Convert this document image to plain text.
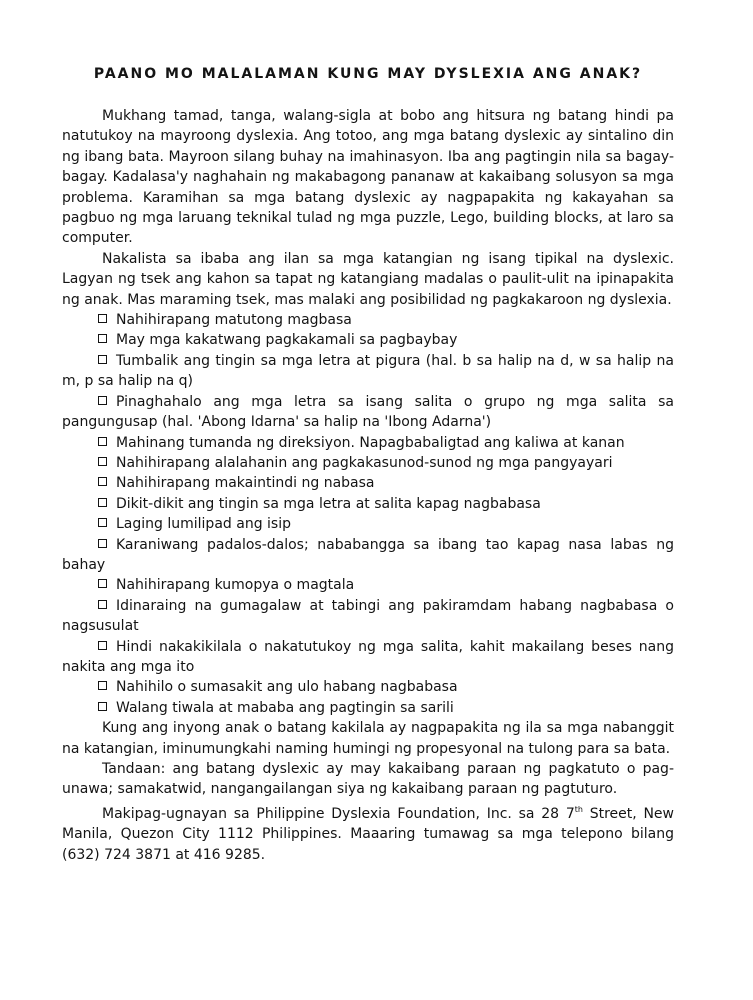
PAANO MO MALALAMAN KUNG MAY DYSLEXIA ANG ANAK?

Mukhang tamad, tanga, walang-sigla at bobo ang hitsura ng batang hindi pa natutukoy na mayroong dyslexia. Ang totoo, ang mga batang dyslexic ay sintalino din ng ibang bata. Mayroon silang buhay na imahinasyon. Iba ang pagtingin nila sa bagay-bagay. Kadalasa'y naghahain ng makabagong pananaw at kakaibang solusyon sa mga problema. Karamihan sa mga batang dyslexic ay nagpapakita ng kakayahan sa pagbuo ng mga laruang teknikal tulad ng mga puzzle, Lego, building blocks, at laro sa computer.

Nakalista sa ibaba ang ilan sa mga katangian ng isang tipikal na dyslexic. Lagyan ng tsek ang kahon sa tapat ng katangiang madalas o paulit-ulit na ipinapakita ng anak. Mas maraming tsek, mas malaki ang posibilidad ng pagkakaroon ng dyslexia.

Nahihirapang matutong magbasa
May mga kakatwang pagkakamali sa pagbaybay
Tumbalik ang tingin sa mga letra at pigura (hal. b sa halip na d, w sa halip na m, p sa halip na q)
Pinaghahalo ang mga letra sa isang salita o grupo ng mga salita sa pangungusap (hal. 'Abong Idarna' sa halip na 'Ibong Adarna')
Mahinang tumanda ng direksiyon. Napagbabaligtad ang kaliwa at kanan
Nahihirapang alalahanin ang pagkakasunod-sunod ng mga pangyayari
Nahihirapang makaintindi ng nabasa
Dikit-dikit ang tingin sa mga letra at salita kapag nagbabasa
Laging lumilipad ang isip
Karaniwang padalos-dalos; nababangga sa ibang tao kapag nasa labas ng bahay
Nahihirapang kumopya o magtala
Idinaraing na gumagalaw at tabingi ang pakiramdam habang nagbabasa o nagsusulat
Hindi nakakikilala o nakatutukoy ng mga salita, kahit makailang beses nang nakita ang mga ito
Nahihilo o sumasakit ang ulo habang nagbabasa
Walang tiwala at mababa ang pagtingin sa sarili

Kung ang inyong anak o batang kakilala ay nagpapakita ng ila sa mga nabanggit na katangian, iminumungkahi naming humingi ng propesyonal na tulong para sa bata.

Tandaan: ang batang dyslexic ay may kakaibang paraan ng pagkatuto o pag-unawa; samakatwid, nangangailangan siya ng kakaibang paraan ng pagtuturo.

Makipag-ugnayan sa Philippine Dyslexia Foundation, Inc. sa 28 7th Street, New Manila, Quezon City 1112 Philippines. Maaaring tumawag sa mga telepono bilang (632) 724 3871 at 416 9285.
